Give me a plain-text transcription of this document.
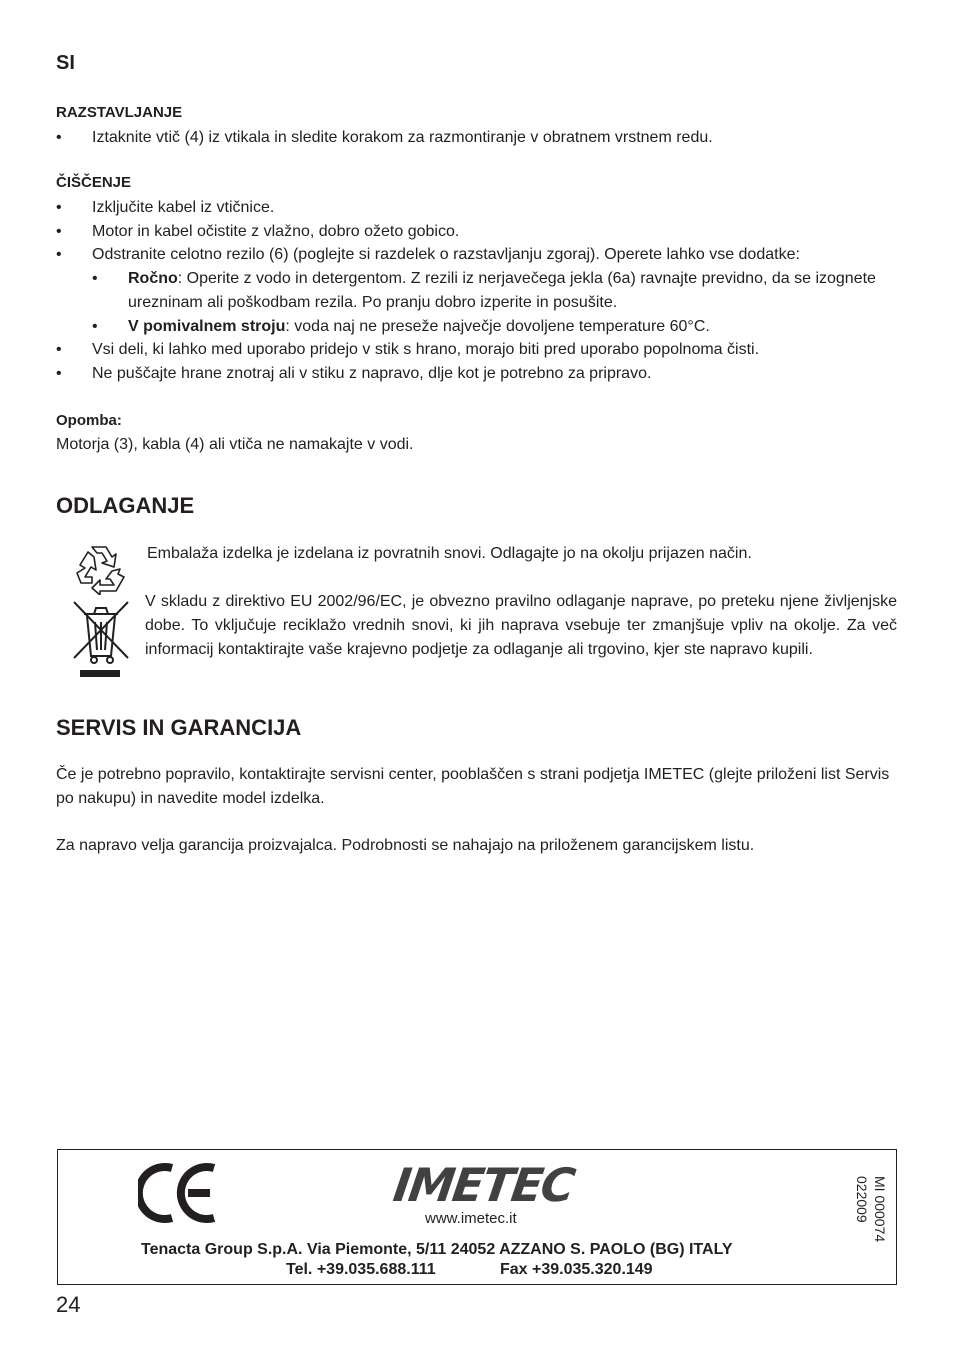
SI
RAZSTAVLJANJE
• Iztaknite vtič (4) iz vtikala in sledite korakom za razmontiranje v obratnem vrstnem redu.
ČIŠČENJE
• Izključite kabel iz vtičnice.
• Motor in kabel očistite z vlažno, dobro ožeto gobico.
• Odstranite celotno rezilo (6) (poglejte si razdelek o razstavljanju zgoraj). Operete lahko vse dodatke:
• Ročno: Operite z vodo in detergentom. Z rezili iz nerjavečega jekla (6a) ravnajte previdno, da se izognete urezninam ali poškodbam rezila. Po pranju dobro izperite in posušite.
• V pomivalnem stroju: voda naj ne preseže največje dovoljene temperature 60°C.
• Vsi deli, ki lahko med uporabo pridejo v stik s hrano, morajo biti pred uporabo popolnoma čisti.
• Ne puščajte hrane znotraj ali v stiku z napravo, dlje kot je potrebno za pripravo.
Opomba:
Motorja (3), kabla (4) ali vtiča ne namakajte v vodi.
ODLAGANJE
Embalaža izdelka je izdelana iz povratnih snovi. Odlagajte jo na okolju prijazen način.
V skladu z direktivo EU 2002/96/EC, je obvezno pravilno odlaganje naprave, po preteku njene življenjske dobe. To vključuje reciklažo vrednih snovi, ki jih naprava vsebuje ter zmanjšuje vpliv na okolje. Za več informacij kontaktirajte vaše krajevno podjetje za odlaganje ali trgovino, kjer ste napravo kupili.
SERVIS IN GARANCIJA
Če je potrebno popravilo, kontaktirajte servisni center, pooblaščen s strani podjetja IMETEC (glejte priloženi list Servis po nakupu) in navedite model izdelka.
Za napravo velja garancija proizvajalca. Podrobnosti se nahajajo na priloženem garancijskem listu.
IMETEC
www.imetec.it
Tenacta Group S.p.A. Via Piemonte, 5/11 24052 AZZANO S. PAOLO (BG) ITALY
Tel. +39.035.688.111	Fax +39.035.320.149
MI 000074
022009
24
